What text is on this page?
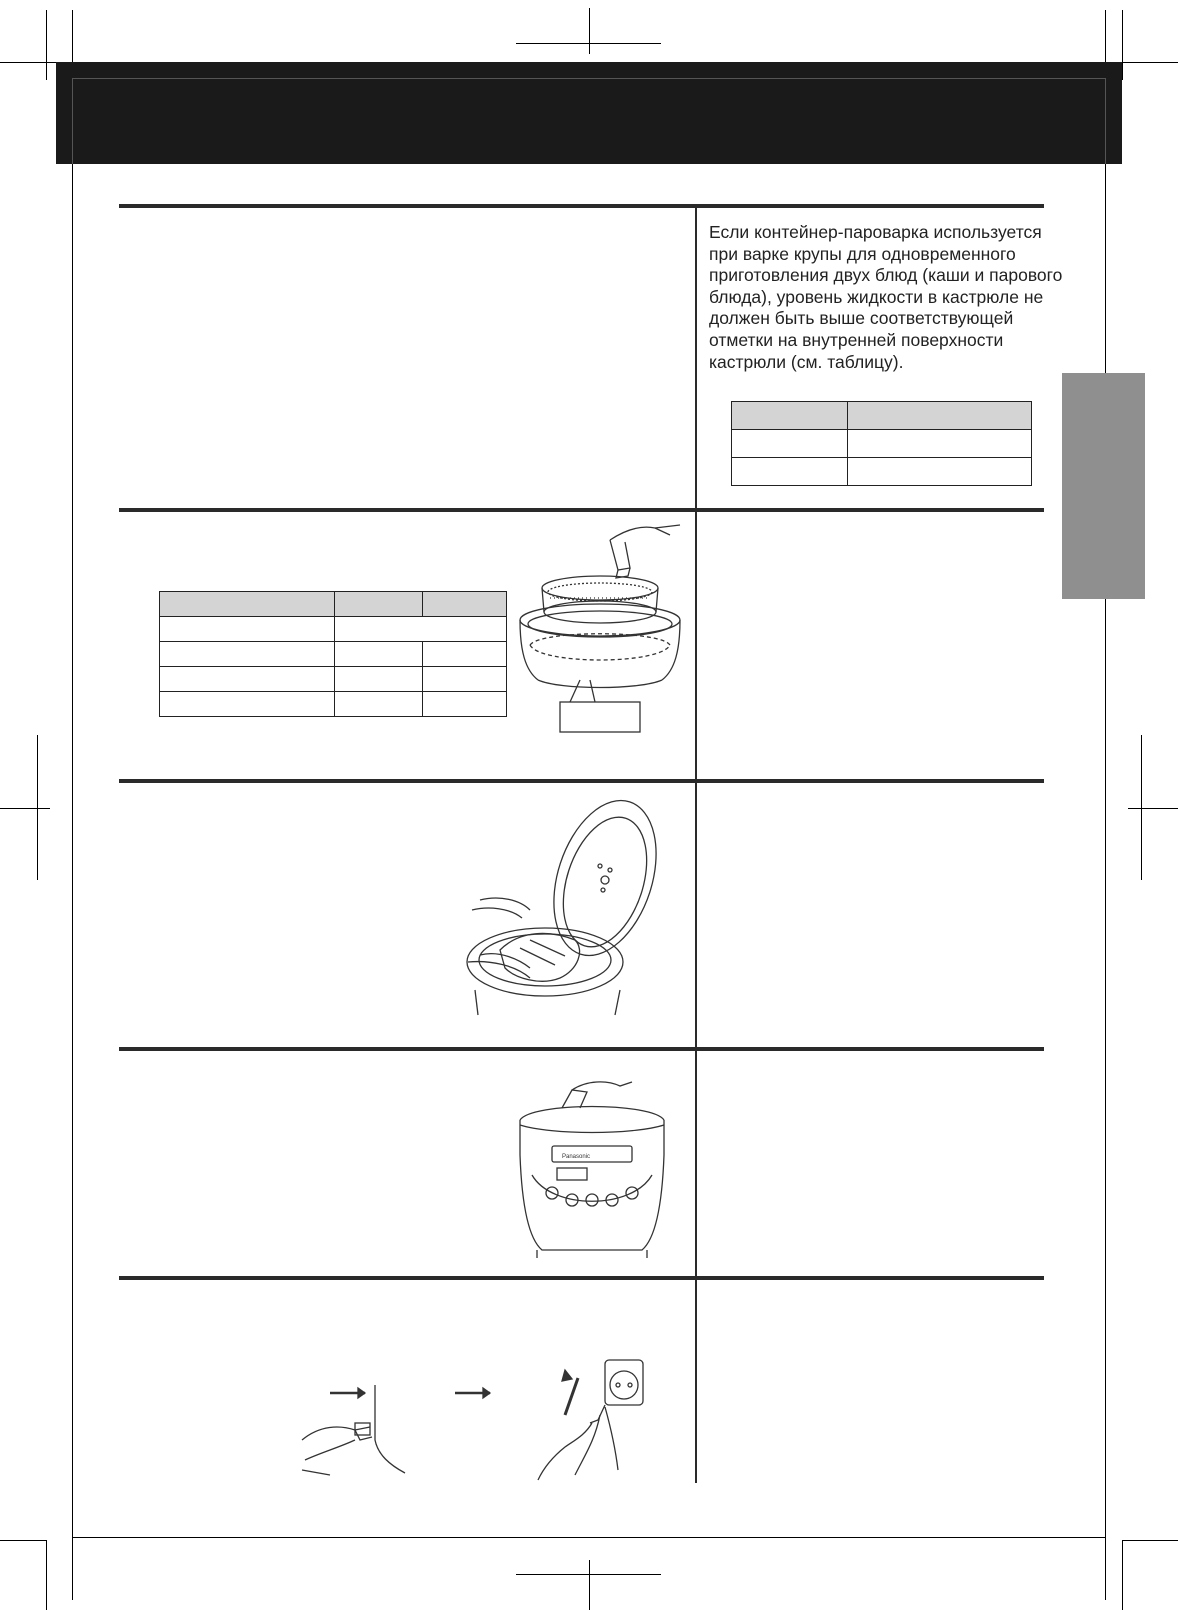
Если контейнер-пароварка используется

при варке крупы для одновременного

приготовления двух блюд (каши и парового

блюда), уровень жидкости в кастрюле не

должен быть выше соответствующей

отметки на внутренней поверхности

кастрюли (см. таблицу).

Panasonic
